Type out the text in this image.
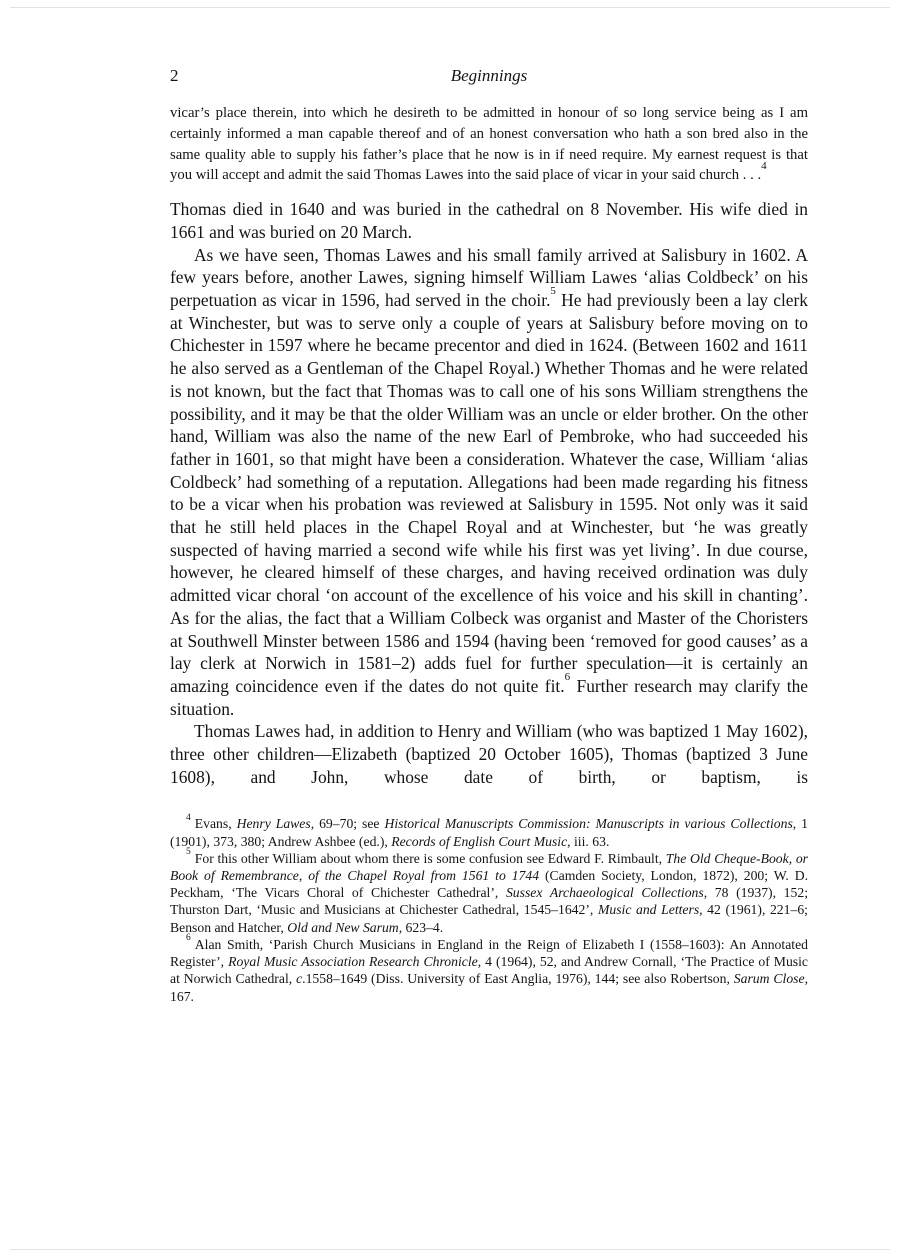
2	Beginnings

vicar’s place therein, into which he desireth to be admitted in honour of so long service being as I am certainly informed a man capable thereof and of an honest conversation who hath a son bred also in the same quality able to supply his father’s place that he now is in if need require. My earnest request is that you will accept and admit the said Thomas Lawes into the said place of vicar in your said church . . .$^4$

Thomas died in 1640 and was buried in the cathedral on 8 November. His wife died in 1661 and was buried on 20 March.

As we have seen, Thomas Lawes and his small family arrived at Salisbury in 1602. A few years before, another Lawes, signing himself William Lawes ‘alias Coldbeck’ on his perpetuation as vicar in 1596, had served in the choir.$^5$ He had previously been a lay clerk at Winchester, but was to serve only a couple of years at Salisbury before moving on to Chichester in 1597 where he became precentor and died in 1624. (Between 1602 and 1611 he also served as a Gentleman of the Chapel Royal.) Whether Thomas and he were related is not known, but the fact that Thomas was to call one of his sons William strengthens the possibility, and it may be that the older William was an uncle or elder brother. On the other hand, William was also the name of the new Earl of Pembroke, who had succeeded his father in 1601, so that might have been a consideration. Whatever the case, William ‘alias Coldbeck’ had something of a reputation. Allegations had been made regarding his fitness to be a vicar when his probation was reviewed at Salisbury in 1595. Not only was it said that he still held places in the Chapel Royal and at Winchester, but ‘he was greatly suspected of having married a second wife while his first was yet living’. In due course, however, he cleared himself of these charges, and having received ordination was duly admitted vicar choral ‘on account of the excellence of his voice and his skill in chanting’. As for the alias, the fact that a William Colbeck was organist and Master of the Choristers at Southwell Minster between 1586 and 1594 (having been ‘removed for good causes’ as a lay clerk at Norwich in 1581–2) adds fuel for further speculation—it is certainly an amazing coincidence even if the dates do not quite fit.$^6$ Further research may clarify the situation.

Thomas Lawes had, in addition to Henry and William (who was baptized 1 May 1602), three other children—Elizabeth (baptized 20 October 1605), Thomas (baptized 3 June 1608), and John, whose date of birth, or baptism, is

$^4$ Evans, Henry Lawes, 69–70; see Historical Manuscripts Commission: Manuscripts in various Collections, 1 (1901), 373, 380; Andrew Ashbee (ed.), Records of English Court Music, iii. 63.

$^5$ For this other William about whom there is some confusion see Edward F. Rimbault, The Old Cheque-Book, or Book of Remembrance, of the Chapel Royal from 1561 to 1744 (Camden Society, London, 1872), 200; W. D. Peckham, ‘The Vicars Choral of Chichester Cathedral’, Sussex Archaeological Collections, 78 (1937), 152; Thurston Dart, ‘Music and Musicians at Chichester Cathedral, 1545–1642’, Music and Letters, 42 (1961), 221–6; Benson and Hatcher, Old and New Sarum, 623–4.

$^6$ Alan Smith, ‘Parish Church Musicians in England in the Reign of Elizabeth I (1558–1603): An Annotated Register’, Royal Music Association Research Chronicle, 4 (1964), 52, and Andrew Cornall, ‘The Practice of Music at Norwich Cathedral, c.1558–1649 (Diss. University of East Anglia, 1976), 144; see also Robertson, Sarum Close, 167.
